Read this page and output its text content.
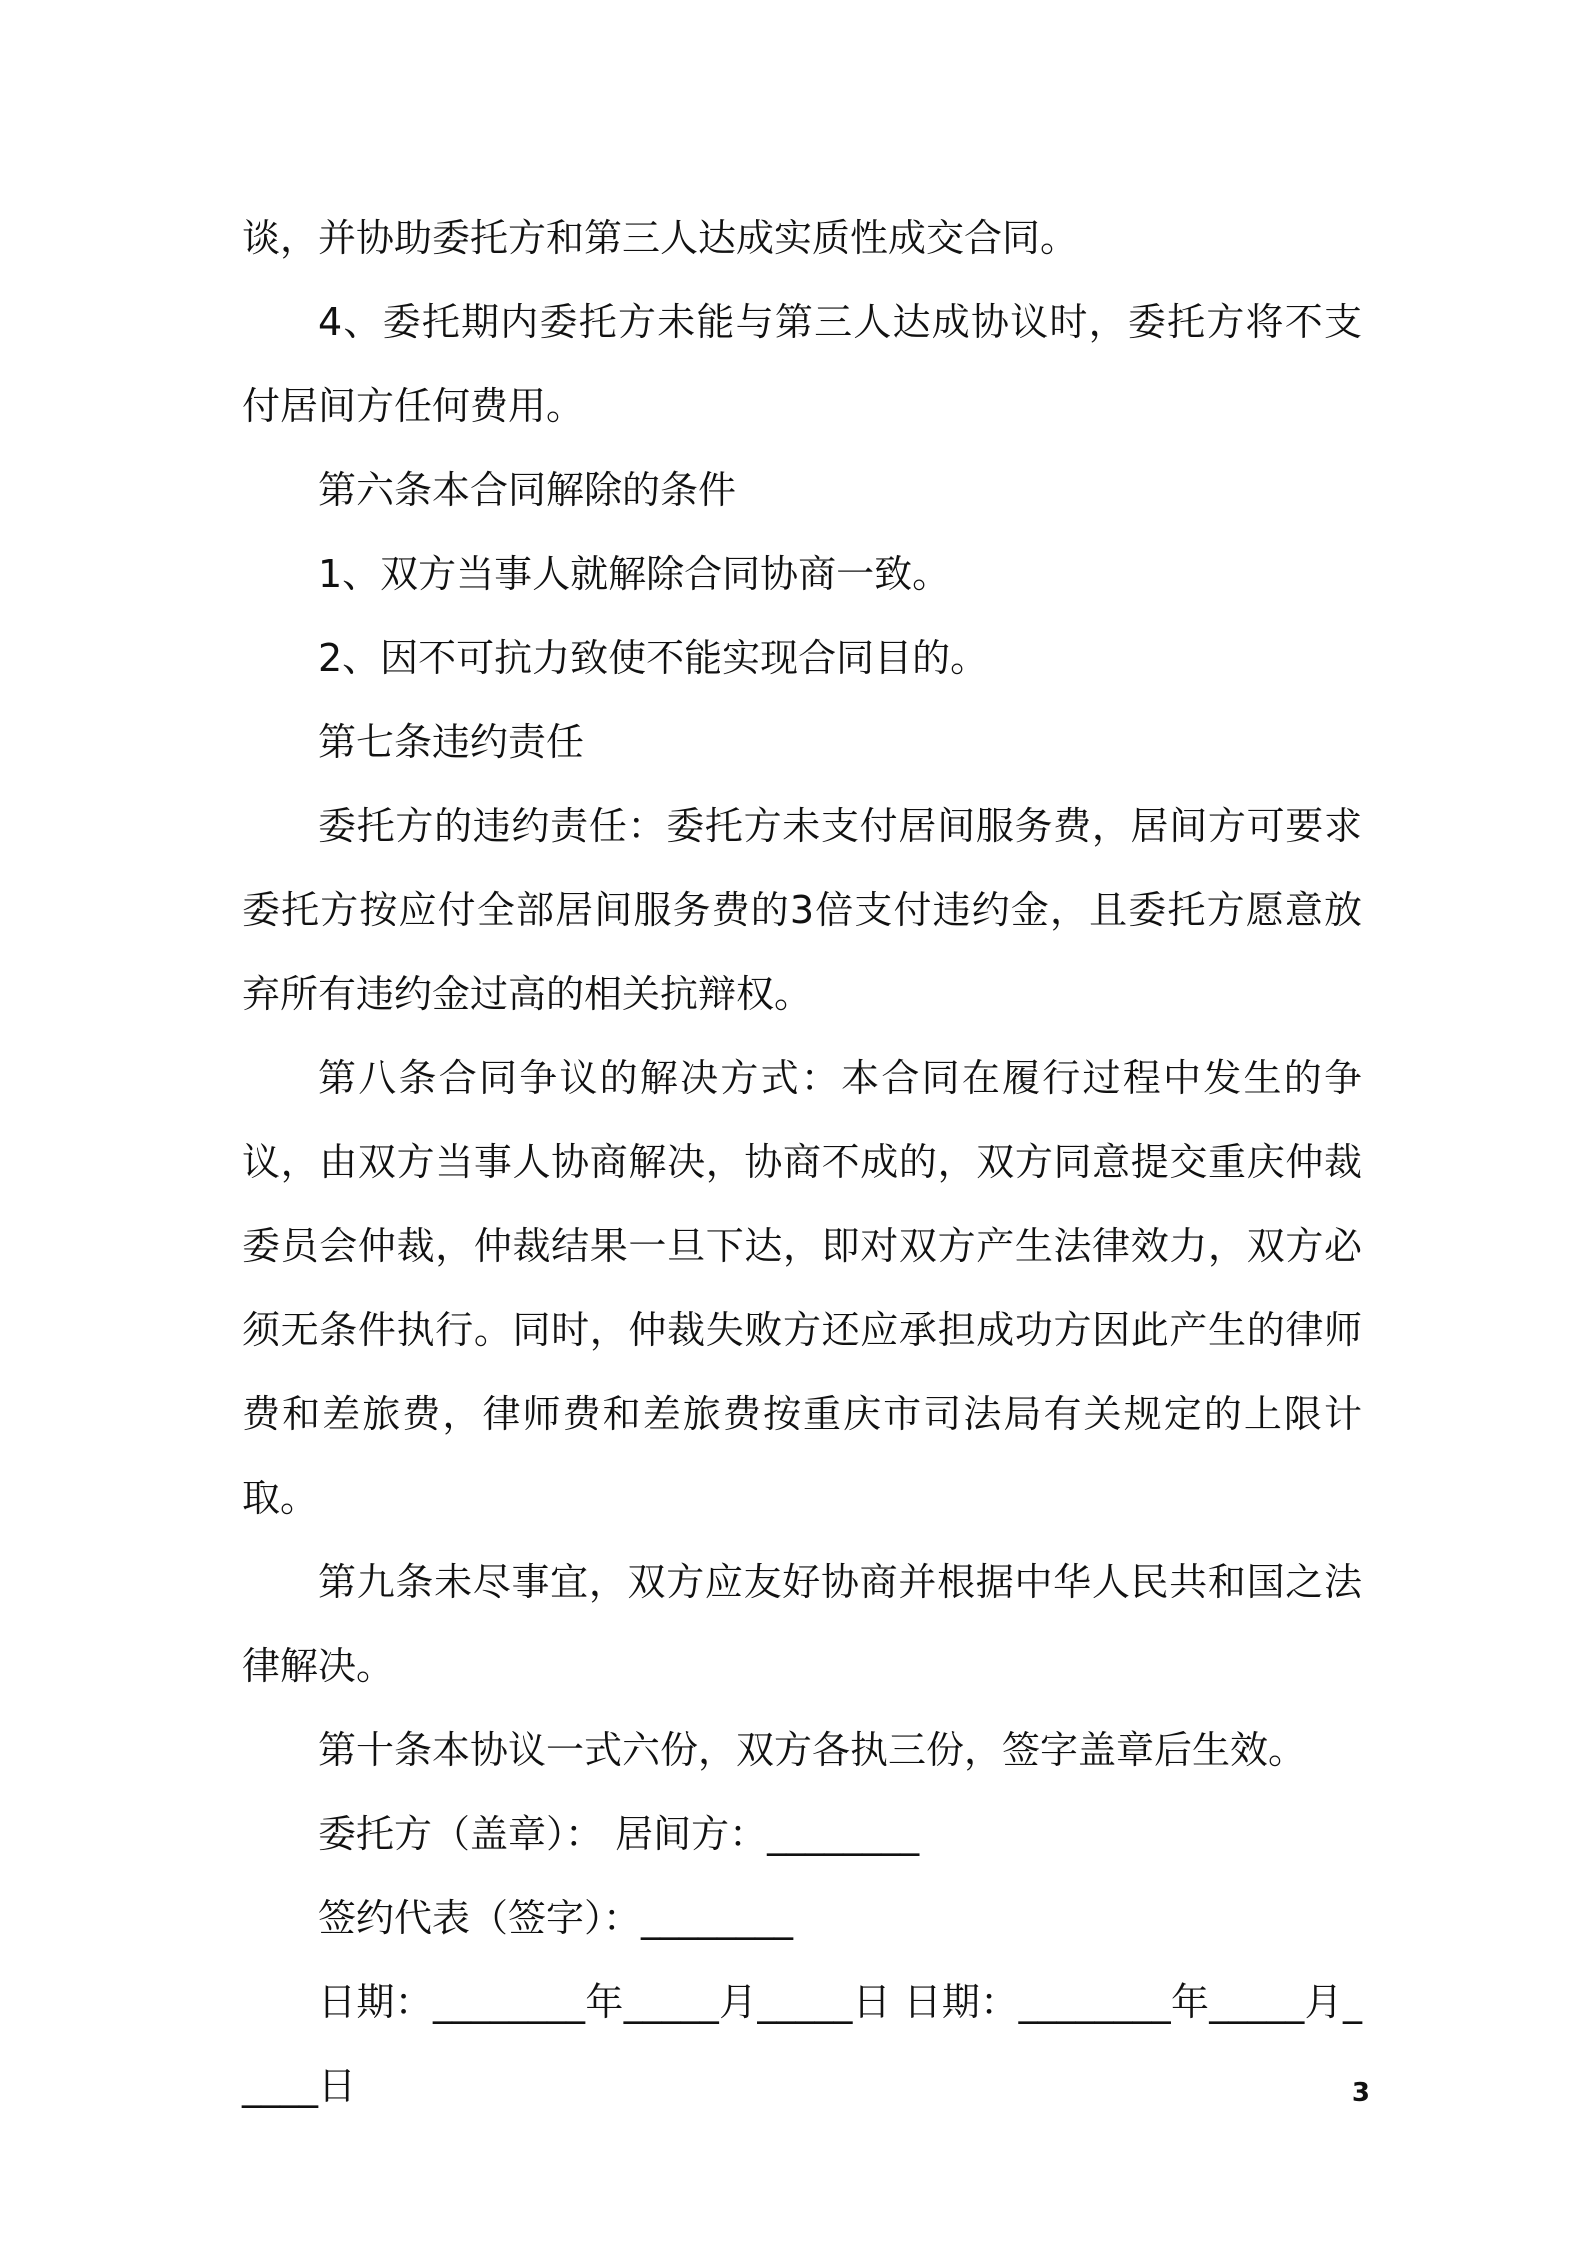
谈，并协助委托方和第三人达成实质性成交合同。

4、委托期内委托方未能与第三人达成协议时，委托方将不支付居间方任何费用。

第六条本合同解除的条件

1、双方当事人就解除合同协商一致。

2、因不可抗力致使不能实现合同目的。

第七条违约责任

委托方的违约责任：委托方未支付居间服务费，居间方可要求委托方按应付全部居间服务费的3倍支付违约金，且委托方愿意放弃所有违约金过高的相关抗辩权。

第八条合同争议的解决方式：本合同在履行过程中发生的争议，由双方当事人协商解决，协商不成的，双方同意提交重庆仲裁委员会仲裁，仲裁结果一旦下达，即对双方产生法律效力，双方必须无条件执行。同时，仲裁失败方还应承担成功方因此产生的律师费和差旅费，律师费和差旅费按重庆市司法局有关规定的上限计取。

第九条未尽事宜，双方应友好协商并根据中华人民共和国之法律解决。

第十条本协议一式六份，双方各执三份，签字盖章后生效。

委托方（盖章）： 居间方：________

签约代表（签字）：________

日期：________年_____月_____日 日期：________年_____月_____日	3
